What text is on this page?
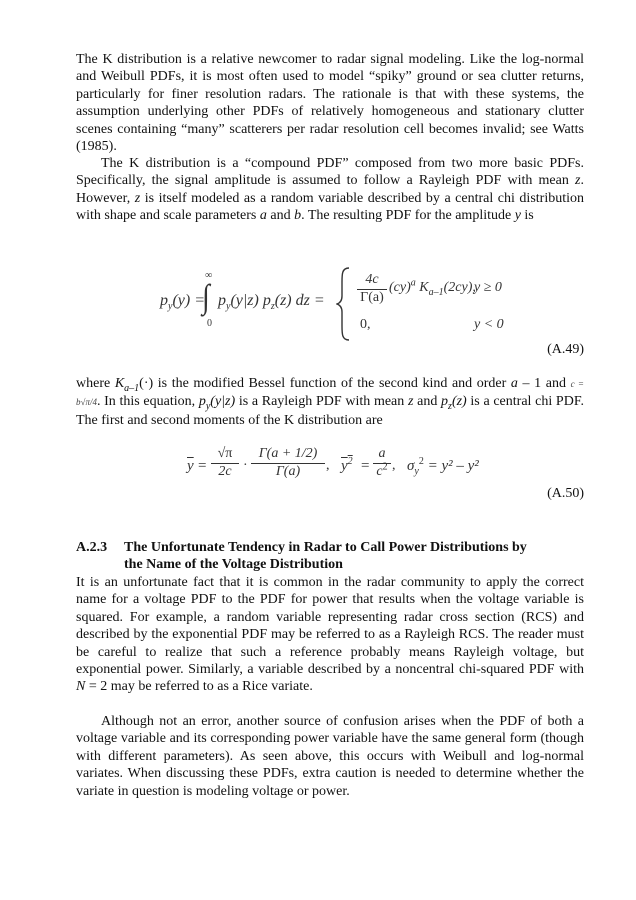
The K distribution is a relative newcomer to radar signal modeling. Like the log-normal and Weibull PDFs, it is most often used to model “spiky” ground or sea clutter returns, particularly for finer resolution radars. The rationale is that with these systems, the assumption underlying other PDFs of relatively homogeneous and stationary clutter scenes containing “many” scatterers per radar resolution cell becomes invalid; see Watts (1985).

The K distribution is a “compound PDF” composed from two more basic PDFs. Specifically, the signal amplitude is assumed to follow a Rayleigh PDF with mean z. However, z is itself modeled as a random variable described by a central chi distribution with shape and scale parameters a and b. The resulting PDF for the amplitude y is

$p_y(y)$ =
∞
∫
0
$p_y(y|z)$ $p_z(z)$ dz =
4c
Γ(a)
(cy)$^a$ $K_{a-1}(2cy)$,
y ≥ 0
0,	y < 0
(A.49)

where $K_{a-1}(\cdot)$ is the modified Bessel function of the second kind and order a – 1 and c = b√π/4. In this equation, $p_y(y|z)$ is a Rayleigh PDF with mean z and $p_z(z)$ is a central chi PDF. The first and second moments of the K distribution are

$\overline{y}$ =
√π
2c ·
Γ(a + 1/2)
Γ(a)	, $y^2$ =
a
$c^2$ , $\sigma_y^2 = y^2 - y^2$
(A.50)
A.2.3 The Unfortunate Tendency in Radar to Call Power Distributions by
the Name of the Voltage Distribution

It is an unfortunate fact that it is common in the radar community to apply the correct name for a voltage PDF to the PDF for power that results when the voltage variable is squared. For example, a random variable representing radar cross section (RCS) and described by the exponential PDF may be referred to as a Rayleigh RCS. The reader must be careful to realize that such a reference probably means Rayleigh voltage, but exponential power. Similarly, a variable described by a noncentral chi-squared PDF with N = 2 may be referred to as a Rice variate.

Although not an error, another source of confusion arises when the PDF of both a voltage variable and its corresponding power variable have the same general form (though with different parameters). As seen above, this occurs with Weibull and log-normal variates. When discussing these PDFs, extra caution is needed to determine whether the variate in question is modeling voltage or power.
